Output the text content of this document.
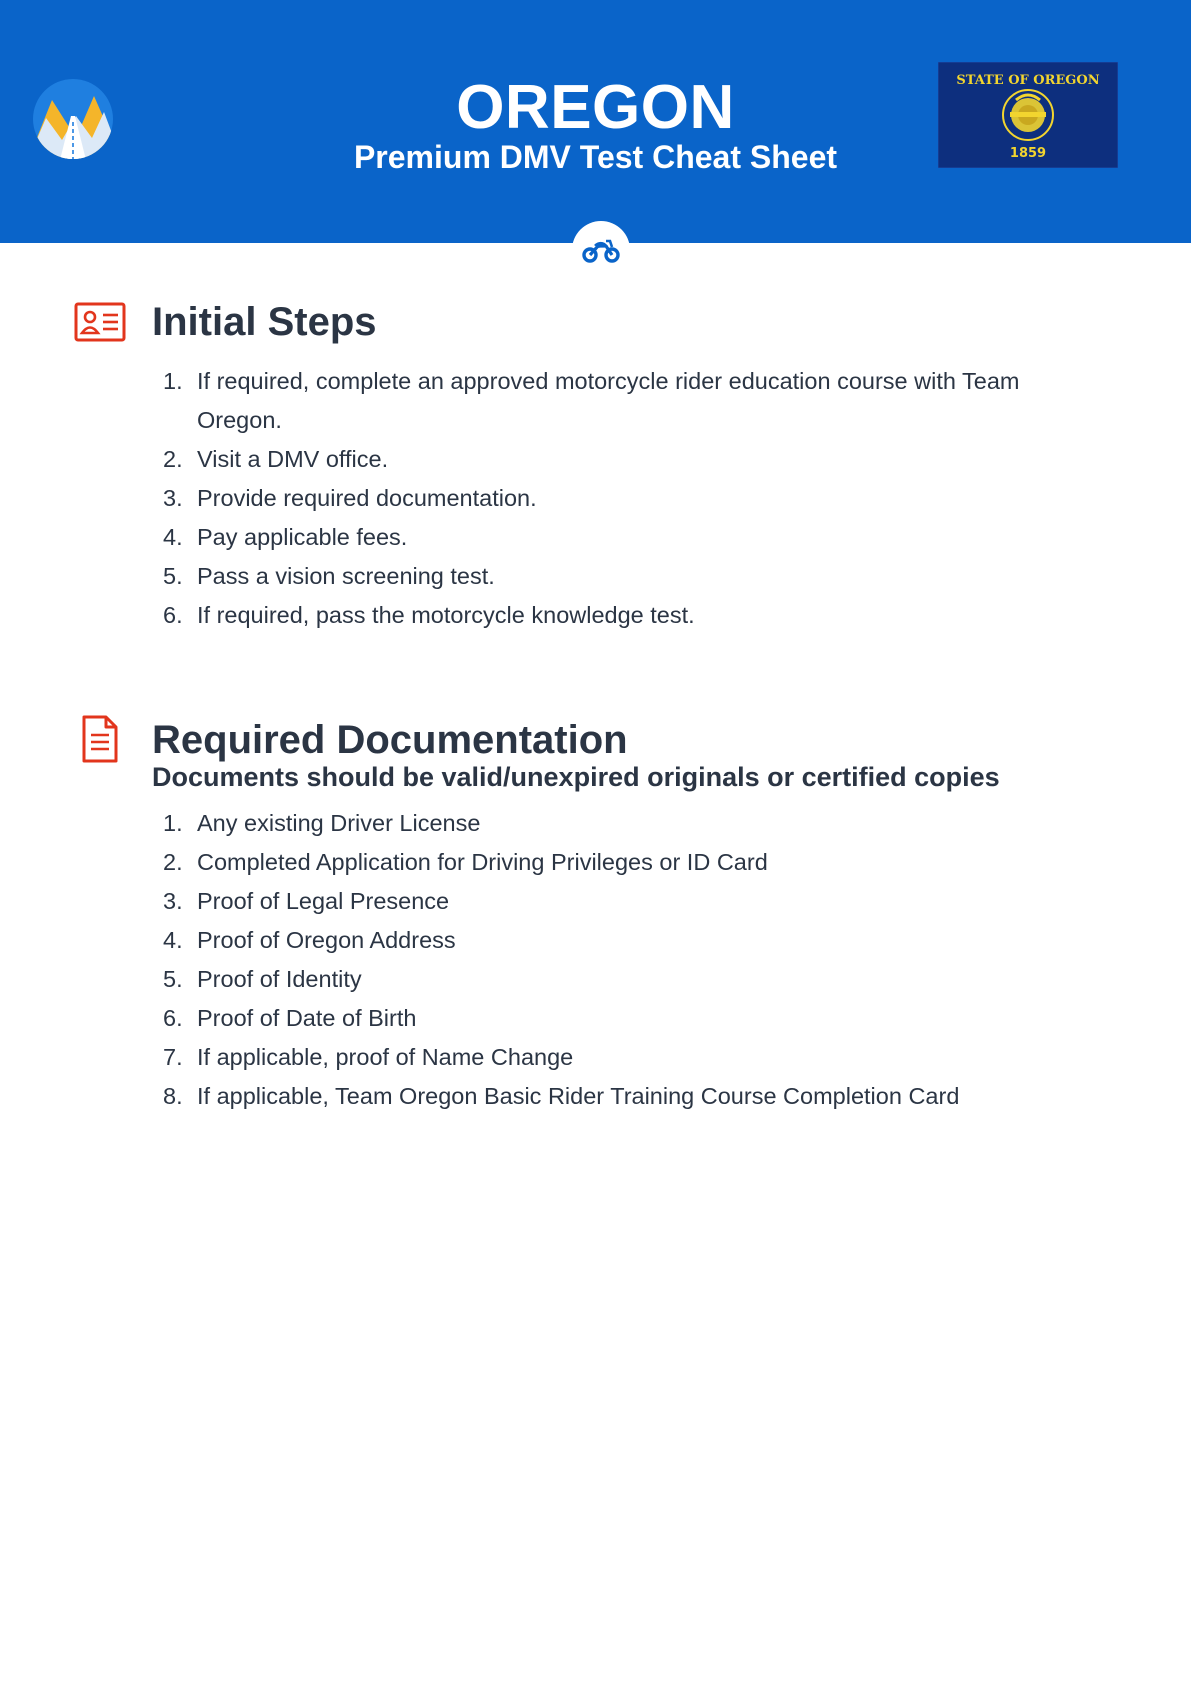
OREGON
Premium DMV Test Cheat Sheet
STATE OF OREGON
1859
Initial Steps
1. If required, complete an approved motorcycle rider education course with Team Oregon.
2. Visit a DMV office.
3. Provide required documentation.
4. Pay applicable fees.
5. Pass a vision screening test.
6. If required, pass the motorcycle knowledge test.
Required Documentation
Documents should be valid/unexpired originals or certified copies
1. Any existing Driver License
2. Completed Application for Driving Privileges or ID Card
3. Proof of Legal Presence
4. Proof of Oregon Address
5. Proof of Identity
6. Proof of Date of Birth
7. If applicable, proof of Name Change
8. If applicable, Team Oregon Basic Rider Training Course Completion Card
